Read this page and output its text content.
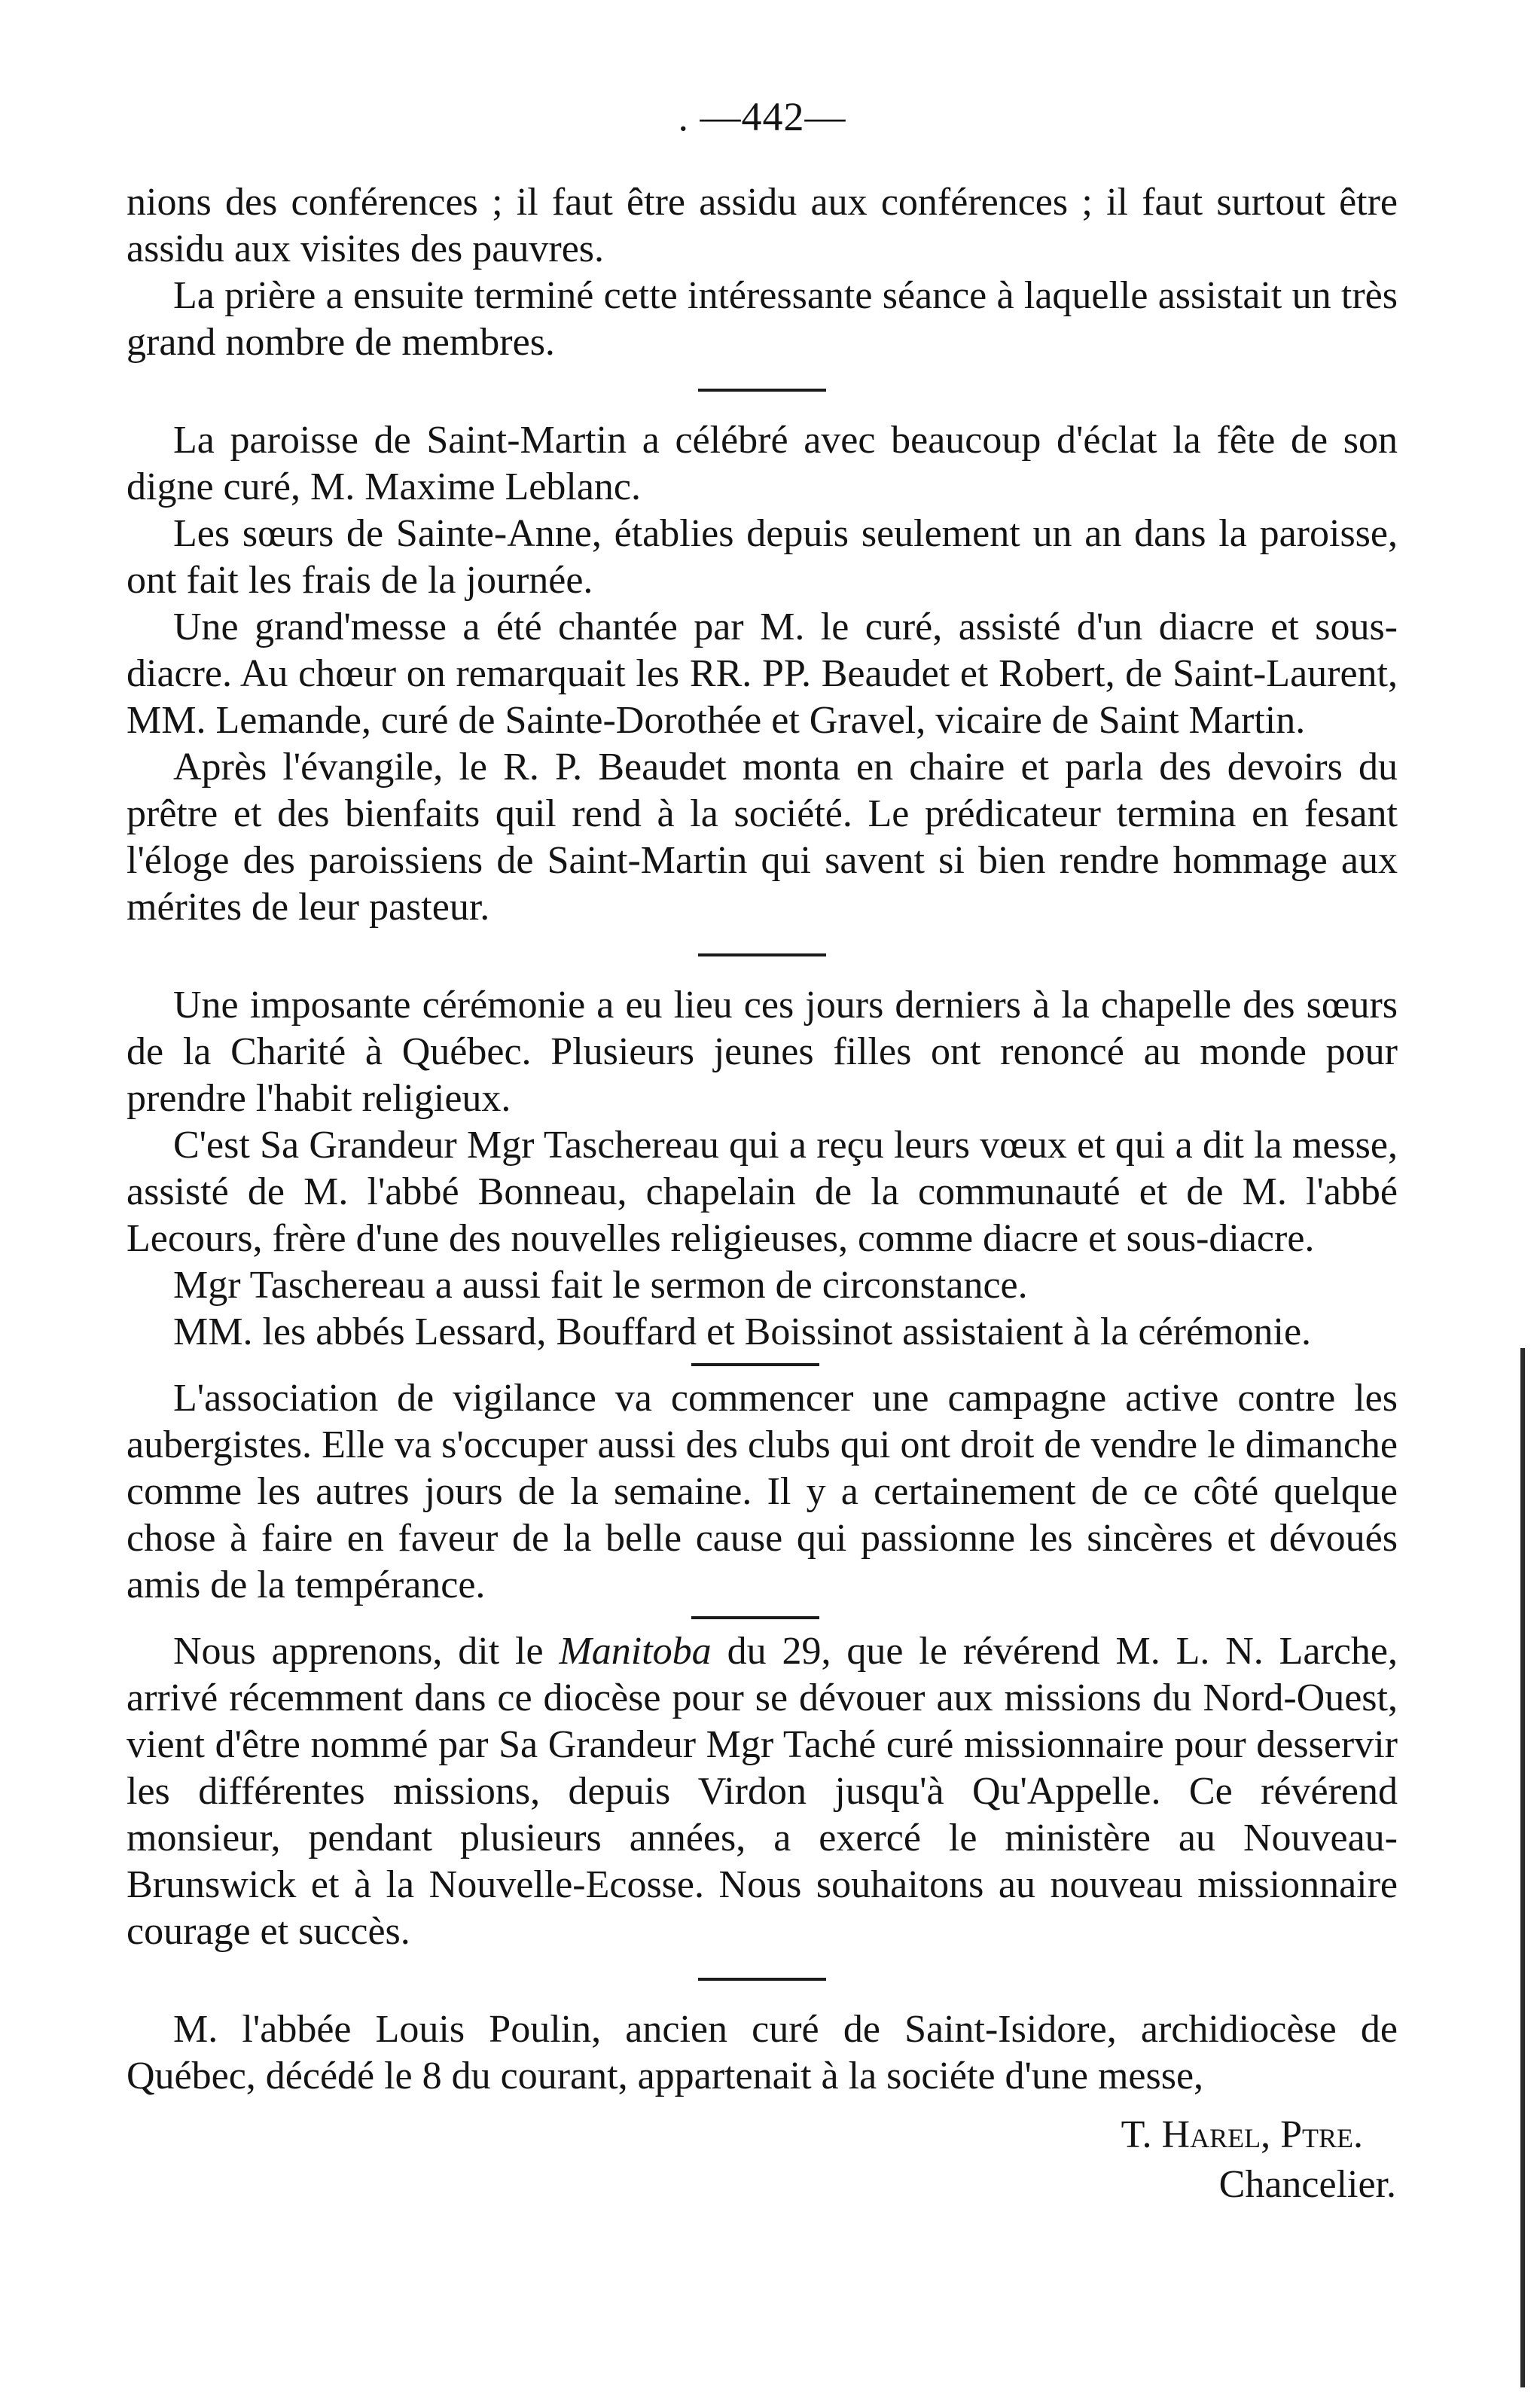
. —442—

nions des conférences ; il faut être assidu aux conférences ; il faut surtout être assidu aux visites des pauvres.

La prière a ensuite terminé cette intéressante séance à laquelle assistait un très grand nombre de membres.

La paroisse de Saint-Martin a célébré avec beaucoup d'éclat la fête de son digne curé, M. Maxime Leblanc.

Les sœurs de Sainte-Anne, établies depuis seulement un an dans la paroisse, ont fait les frais de la journée.

Une grand'messe a été chantée par M. le curé, assisté d'un diacre et sous-diacre. Au chœur on remarquait les RR. PP. Beaudet et Robert, de Saint-Laurent, MM. Lemande, curé de Sainte-Dorothée et Gravel, vicaire de Saint Martin.

Après l'évangile, le R. P. Beaudet monta en chaire et parla des devoirs du prêtre et des bienfaits quil rend à la société. Le prédicateur termina en fesant l'éloge des paroissiens de Saint-Martin qui savent si bien rendre hommage aux mérites de leur pasteur.

Une imposante cérémonie a eu lieu ces jours derniers à la chapelle des sœurs de la Charité à Québec. Plusieurs jeunes filles ont renoncé au monde pour prendre l'habit religieux.

C'est Sa Grandeur Mgr Taschereau qui a reçu leurs vœux et qui a dit la messe, assisté de M. l'abbé Bonneau, chapelain de la communauté et de M. l'abbé Lecours, frère d'une des nouvelles religieuses, comme diacre et sous-diacre.

Mgr Taschereau a aussi fait le sermon de circonstance.

MM. les abbés Lessard, Bouffard et Boissinot assistaient à la cérémonie.

L'association de vigilance va commencer une campagne active contre les aubergistes. Elle va s'occuper aussi des clubs qui ont droit de vendre le dimanche comme les autres jours de la semaine. Il y a certainement de ce côté quelque chose à faire en faveur de la belle cause qui passionne les sincères et dévoués amis de la tempérance.

Nous apprenons, dit le Manitoba du 29, que le révérend M. L. N. Larche, arrivé récemment dans ce diocèse pour se dévouer aux missions du Nord-Ouest, vient d'être nommé par Sa Grandeur Mgr Taché curé missionnaire pour desservir les différentes missions, depuis Virdon jusqu'à Qu'Appelle. Ce révérend monsieur, pendant plusieurs années, a exercé le ministère au Nouveau-Brunswick et à la Nouvelle-Ecosse. Nous souhaitons au nouveau missionnaire courage et succès.

M. l'abbée Louis Poulin, ancien curé de Saint-Isidore, archidiocèse de Québec, décédé le 8 du courant, appartenait à la sociéte d'une messe,

T. Harel, Ptre.
Chancelier.
